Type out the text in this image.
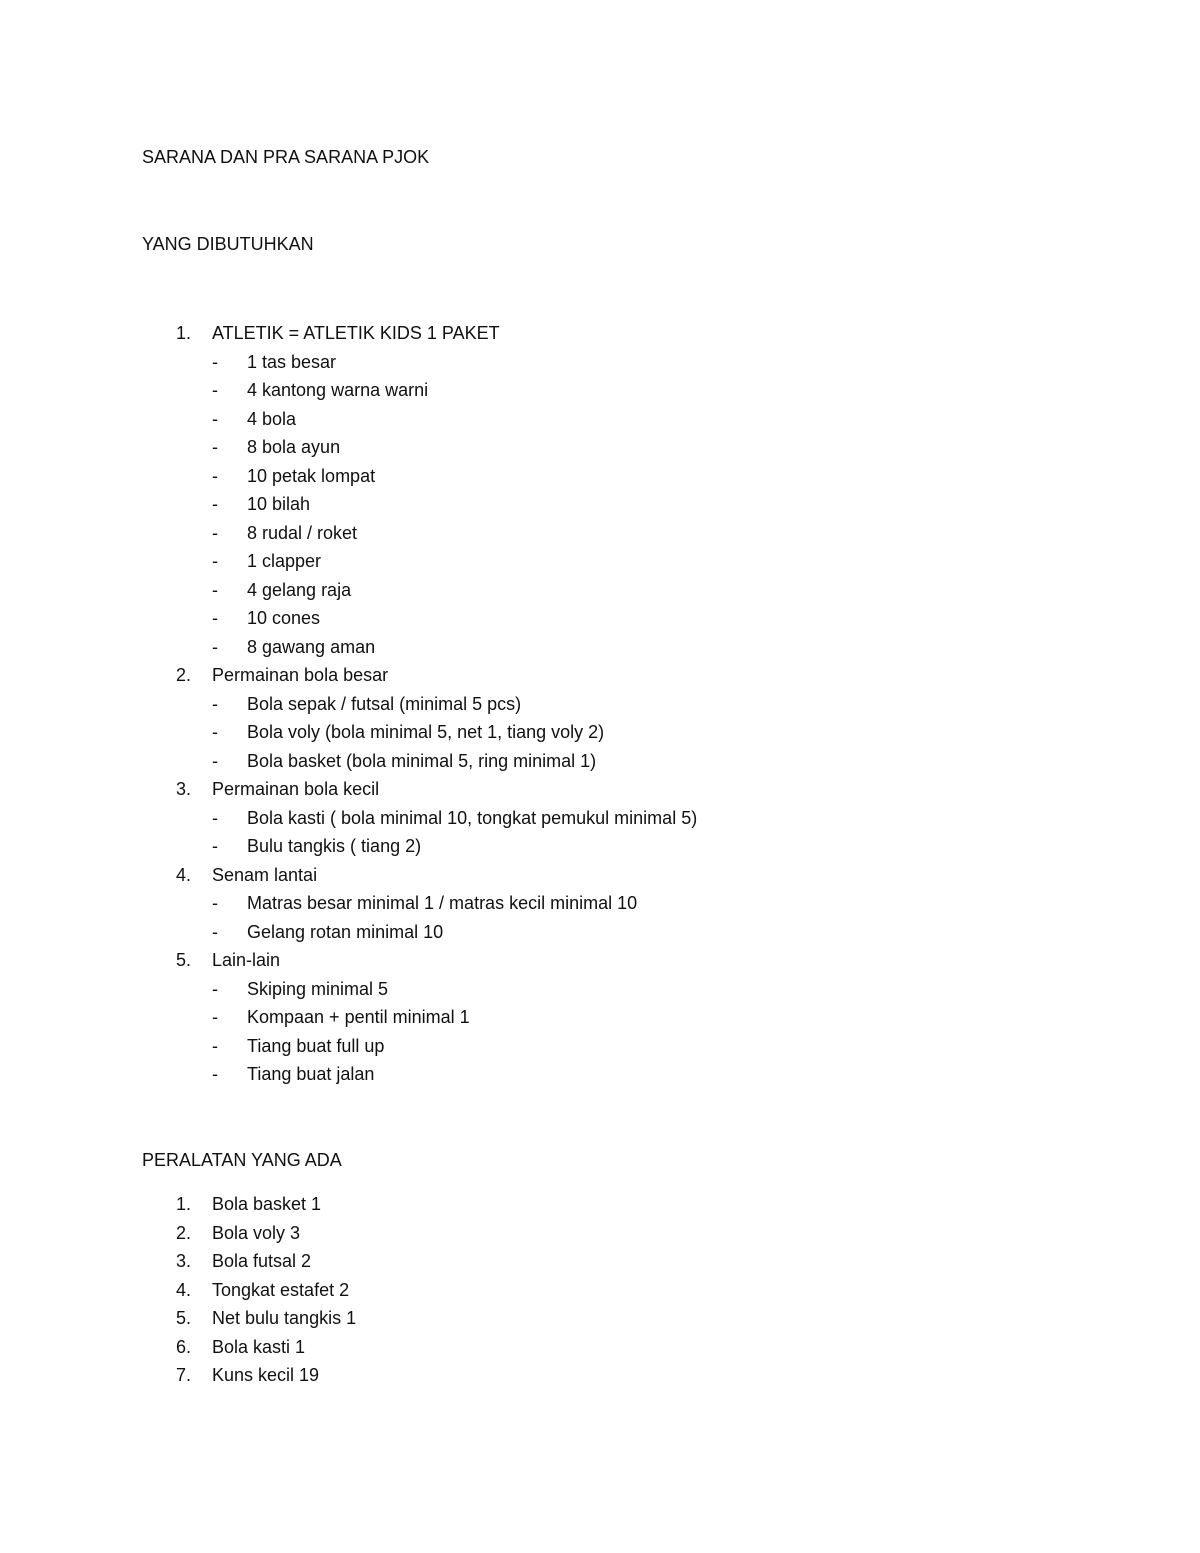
SARANA DAN PRA SARANA PJOK
YANG DIBUTUHKAN
1.	ATLETIK = ATLETIK KIDS 1 PAKET
- 1 tas besar
- 4 kantong warna warni
- 4 bola
- 8 bola ayun
- 10 petak lompat
- 10 bilah
- 8 rudal / roket
- 1 clapper
- 4 gelang raja
- 10 cones
- 8 gawang aman
2.	Permainan bola besar
- Bola sepak / futsal (minimal 5 pcs)
- Bola voly (bola minimal 5, net 1, tiang voly 2)
- Bola basket (bola minimal 5, ring minimal 1)
3.	Permainan bola kecil
- Bola kasti ( bola minimal 10, tongkat pemukul minimal 5)
- Bulu tangkis ( tiang 2)
4.	Senam lantai
- Matras besar minimal 1 / matras kecil minimal 10
- Gelang rotan minimal 10
5.	Lain-lain
- Skiping minimal 5
- Kompaan + pentil minimal 1
- Tiang buat full up
- Tiang buat jalan
PERALATAN YANG ADA
1.	Bola basket 1
2.	Bola voly 3
3.	Bola futsal 2
4.	Tongkat estafet 2
5.	Net bulu tangkis 1
6.	Bola kasti 1
7.	Kuns kecil 19
